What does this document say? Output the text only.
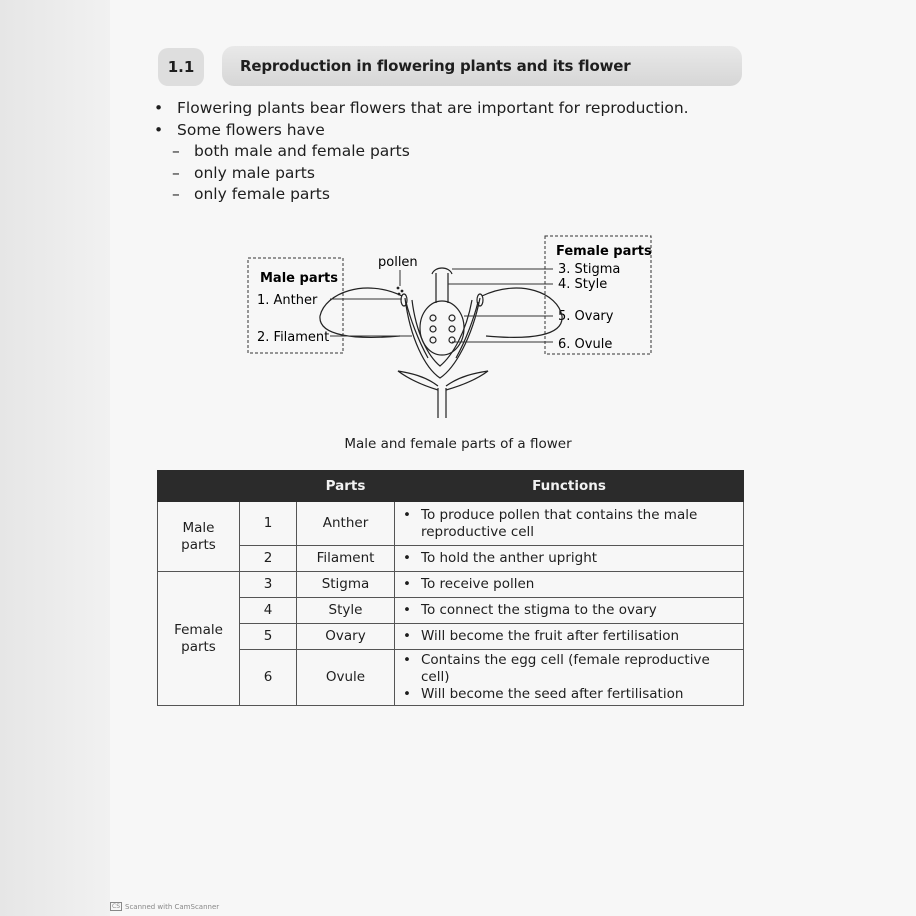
1.1	Reproduction in flowering plants and its flower
• Flowering plants bear flowers that are important for reproduction.
• Some flowers have
– both male and female parts
– only male parts
– only female parts
Male parts
1. Anther
2. Filament
Female parts
3. Stigma
4. Style
5. Ovary
6. Ovule
pollen
Male and female parts of a flower
		Parts	Functions
Male parts	1	Anther	• To produce pollen that contains the male reproductive cell

	2	Filament	• To hold the anther upright

Female parts	3	Stigma	• To receive pollen

	4	Style	• To connect the stigma to the ovary

	5	Ovary	• Will become the fruit after fertilisation

	6	Ovule	• Contains the egg cell (female reproductive cell)
• Will become the seed after fertilisation
CS Scanned with CamScanner
